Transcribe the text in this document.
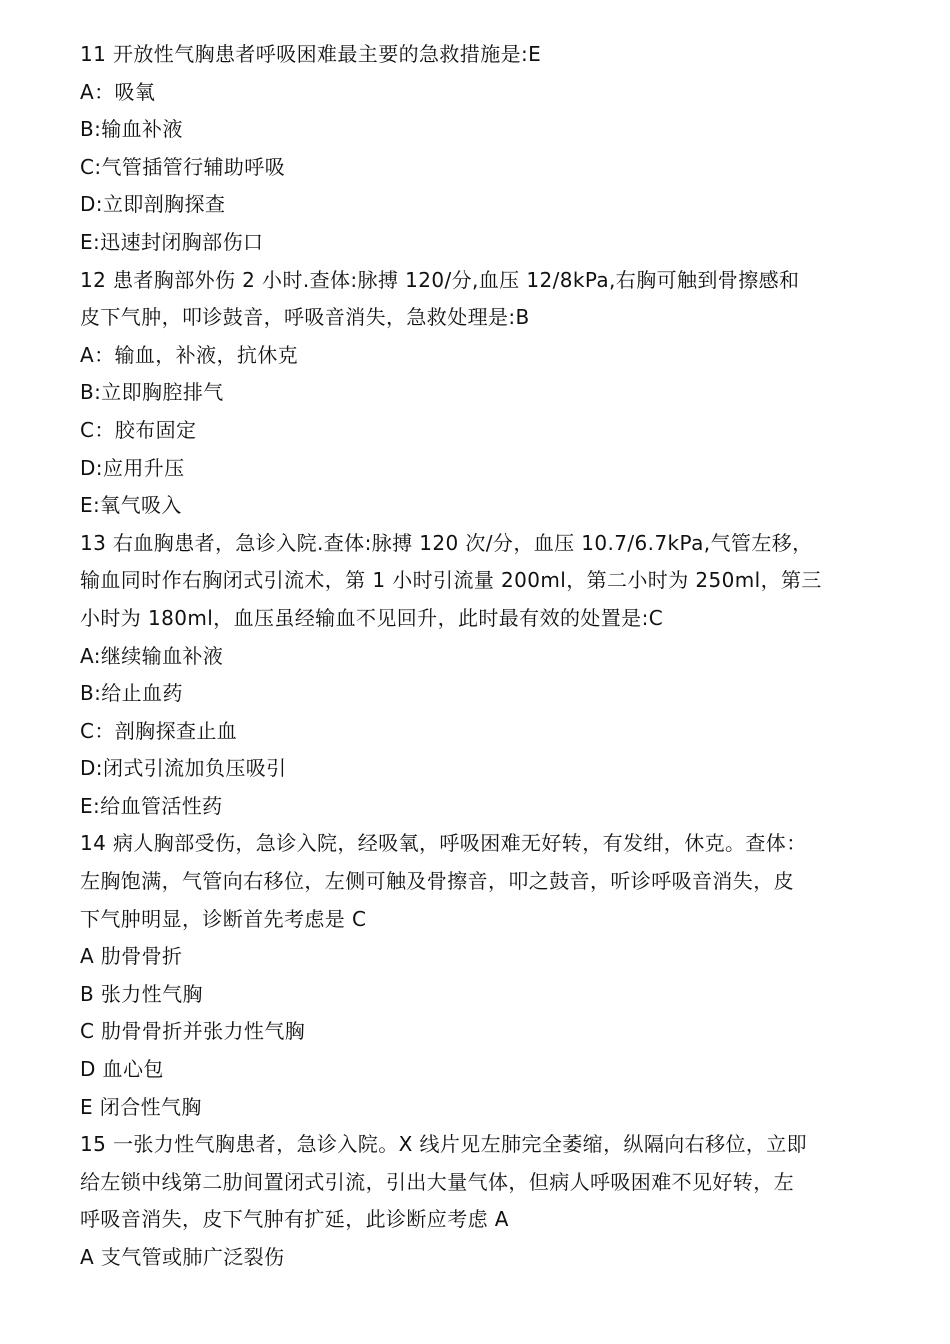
11 开放性气胸患者呼吸困难最主要的急救措施是:E
A：吸氧
B:输血补液
C:气管插管行辅助呼吸
D:立即剖胸探查
E:迅速封闭胸部伤口
12 患者胸部外伤 2 小时.查体:脉搏 120/分,血压 12/8kPa,右胸可触到骨擦感和
皮下气肿，叩诊鼓音，呼吸音消失，急救处理是:B
A：输血，补液，抗休克
B:立即胸腔排气
C：胶布固定
D:应用升压
E:氧气吸入
13 右血胸患者，急诊入院.查体:脉搏 120 次/分，血压 10.7/6.7kPa,气管左移，
输血同时作右胸闭式引流术，第 1 小时引流量 200ml，第二小时为 250ml，第三
小时为 180ml，血压虽经输血不见回升，此时最有效的处置是:C
A:继续输血补液
B:给止血药
C：剖胸探查止血
D:闭式引流加负压吸引
E:给血管活性药
14 病人胸部受伤，急诊入院，经吸氧，呼吸困难无好转，有发绀，休克。查体：
左胸饱满，气管向右移位，左侧可触及骨擦音，叩之鼓音，听诊呼吸音消失，皮
下气肿明显，诊断首先考虑是 C
A 肋骨骨折
B 张力性气胸
C 肋骨骨折并张力性气胸
D 血心包
E 闭合性气胸
15 一张力性气胸患者，急诊入院。X 线片见左肺完全萎缩，纵隔向右移位，立即
给左锁中线第二肋间置闭式引流，引出大量气体，但病人呼吸困难不见好转，左
呼吸音消失，皮下气肿有扩延，此诊断应考虑 A
A 支气管或肺广泛裂伤
